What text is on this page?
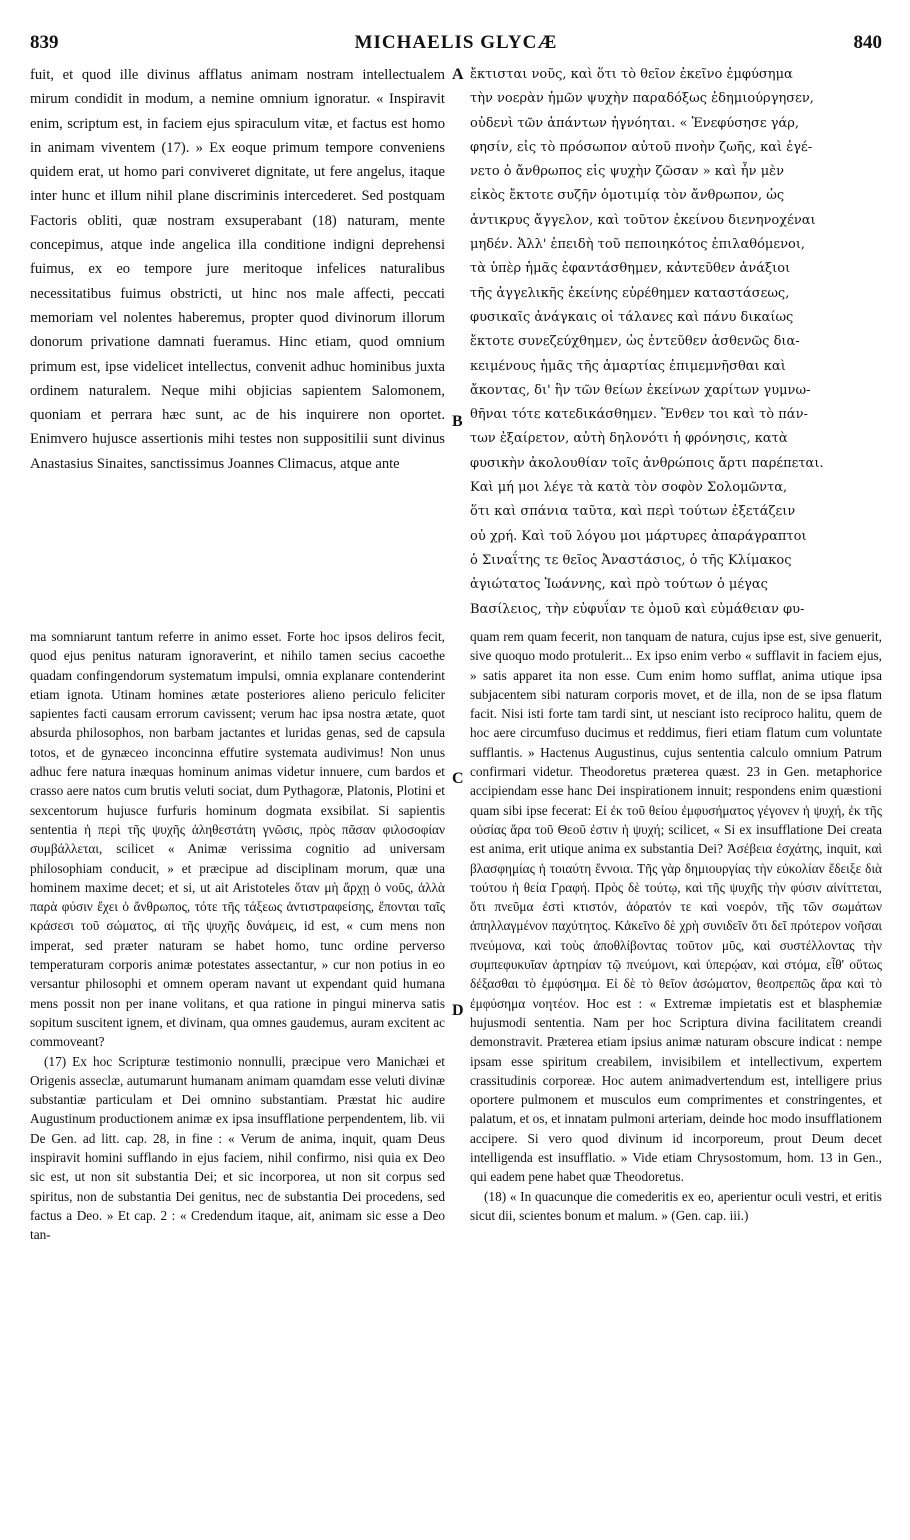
839	MICHAELIS GLYCÆ	840

fuit, et quod ille divinus afflatus animam nostram intellectualem mirum condidit in modum, a nemine omnium ignoratur. « Inspiravit enim, scriptum est, in faciem ejus spiraculum vitæ, et factus est homo in animam viventem (17). » Ex eoque primum tempore conveniens quidem erat, ut homo pari conviveret dignitate, ut fere angelus, itaque inter hunc et illum nihil plane discriminis intercederet. Sed postquam Factoris obliti, quæ nostram exsuperabant (18) naturam, mente concepimus, atque inde angelica illa conditione indigni deprehensi fuimus, ex eo tempore jure meritoque infelices naturalibus necessitatibus fuimus obstricti, ut hinc nos male affecti, peccati memoriam vel nolentes haberemus, propter quod divinorum illorum donorum privatione damnati fueramus. Hinc etiam, quod omnium primum est, ipse videlicet intellectus, convenit adhuc hominibus juxta ordinem naturalem. Neque mihi objicias sapientem Salomonem, quoniam et perrara hæc sunt, ac de his inquirere non oportet. Enimvero hujusce assertionis mihi testes non suppositilii sunt divinus Anastasius Sinaites, sanctissimus Joannes Climacus, atque ante

A
B
C
D

ἔκτισται νοῦς, καὶ ὅτι τὸ θεῖον ἐκεῖνο ἐμφύσημα

τὴν νοερὰν ἡμῶν ψυχὴν παραδόξως ἐδημιούργησεν,

οὐδενὶ τῶν ἁπάντων ἠγνόηται. « Ἐνεφύσησε γάρ,

φησίν, εἰς τὸ πρόσωπον αὐτοῦ πνοὴν ζωῆς, καὶ ἐγέ-

νετο ὁ ἄνθρωπος εἰς ψυχὴν ζῶσαν » καὶ ἦν μὲν

εἰκὸς ἔκτοτε συζῆν ὁμοτιμίᾳ τὸν ἄνθρωπον, ὡς

ἀντικρυς ἄγγελον, καὶ τοῦτον ἐκείνου διενηνοχέναι

μηδέν. Ἀλλ' ἐπειδὴ τοῦ πεποιηκότος ἐπιλαθόμενοι,

τὰ ὑπὲρ ἡμᾶς ἐφαντάσθημεν, κἀντεῦθεν ἀνάξιοι

τῆς ἀγγελικῆς ἐκείνης εὑρέθημεν καταστάσεως,

φυσικαῖς ἀνάγκαις οἱ τάλανες καὶ πάνυ δικαίως

ἔκτοτε συνεζεύχθημεν, ὡς ἐντεῦθεν ἀσθενῶς δια-

κειμένους ἡμᾶς τῆς ἁμαρτίας ἐπιμεμνῆσθαι καὶ

ἄκοντας, δι' ἣν τῶν θείων ἐκείνων χαρίτων γυμνω-

θῆναι τότε κατεδικάσθημεν. Ἔνθεν τοι καὶ τὸ πάν-

των ἐξαίρετον, αὐτὴ δηλονότι ἡ φρόνησις, κατὰ

φυσικὴν ἀκολουθίαν τοῖς ἀνθρώποις ἄρτι παρέπεται.

Καὶ μή μοι λέγε τὰ κατὰ τὸν σοφὸν Σολομῶντα,

ὅτι καὶ σπάνια ταῦτα, καὶ περὶ τούτων ἐξετάζειν

οὐ χρή. Καὶ τοῦ λόγου μοι μάρτυρες ἀπαράγραπτοι

ὁ Σιναΐτης τε θεῖος Ἀναστάσιος, ὁ τῆς Κλίμακος

ἁγιώτατος Ἰωάννης, καὶ πρὸ τούτων ὁ μέγας

Βασίλειος, τὴν εὐφυΐαν τε ὁμοῦ καὶ εὐμάθειαν φυ-

ma somniarunt tantum referre in animo esset. Forte hoc ipsos deliros fecit, quod ejus penitus naturam ignoraverint, et nihilo tamen secius cacoethe quadam confingendorum systematum impulsi, omnia explanare contenderint etiam ignota. Utinam homines ætate posteriores alieno periculo feliciter sapientes facti causam errorum cavissent; verum hac ipsa nostra ætate, quot absurda philosophos, non barbam jactantes et luridas genas, sed de capsula totos, et de gynæceo inconcinna effutire systemata audivimus! Non unus adhuc fere natura inæquas hominum animas videtur innuere, cum bardos et crasso aere natos cum brutis veluti sociat, dum Pythagoræ, Platonis, Plotini et sexcentorum hujusce furfuris hominum dogmata exsibilat. Si sapientis sententia ἡ περὶ τῆς ψυχῆς ἀληθεστάτη γνῶσις, πρὸς πᾶσαν φιλοσοφίαν συμβάλλεται, scilicet « Animæ verissima cognitio ad universam philosophiam conducit, » et præcipue ad disciplinam morum, quæ una hominem maxime decet; et si, ut ait Aristoteles ὅταν μὴ ἄρχῃ ὁ νοῦς, ἀλλὰ παρὰ φύσιν ἔχει ὁ ἄνθρωπος, τότε τῆς τάξεως ἀντιστραφείσης, ἕπονται ταῖς κράσεσι τοῦ σώματος, αἱ τῆς ψυχῆς δυνάμεις, id est, « cum mens non imperat, sed præter naturam se habet homo, tunc ordine perverso temperaturam corporis animæ potestates assectantur, » cur non potius in eo versantur philosophi et omnem operam navant ut expendant quid humana mens possit non per inane volitans, et qua ratione in pingui minerva satis sopitum suscitent ignem, et divinam, qua omnes gaudemus, auram excitent ac commoveant?

(17) Ex hoc Scripturæ testimonio nonnulli, præcipue vero Manichæi et Origenis asseclæ, autumarunt humanam animam quamdam esse veluti divinæ substantiæ particulam et Dei omnino substantiam. Præstat hic audire Augustinum productionem animæ ex ipsa insufflatione perpendentem, lib. vii De Gen. ad litt. cap. 28, in fine : « Verum de anima, inquit, quam Deus inspiravit homini sufflando in ejus faciem, nihil confirmo, nisi quia ex Deo sic est, ut non sit substantia Dei; et sic incorporea, ut non sit corpus sed spiritus, non de substantia Dei genitus, nec de substantia Dei procedens, sed factus a Deo. » Et cap. 2 : « Credendum itaque, ait, animam sic esse a Deo tan-

quam rem quam fecerit, non tanquam de natura, cujus ipse est, sive genuerit, sive quoquo modo protulerit... Ex ipso enim verbo « sufflavit in faciem ejus, » satis apparet ita non esse. Cum enim homo sufflat, anima utique ipsa subjacentem sibi naturam corporis movet, et de illa, non de se ipsa flatum facit. Nisi isti forte tam tardi sint, ut nesciant isto reciproco halitu, quem de hoc aere circumfuso ducimus et reddimus, fieri etiam flatum cum voluntate sufflantis. » Hactenus Augustinus, cujus sententia calculo omnium Patrum confirmari videtur. Theodoretus præterea quæst. 23 in Gen. metaphorice accipiendam esse hanc Dei inspirationem innuit; respondens enim quæstioni quam sibi ipse fecerat: Εἰ ἐκ τοῦ θείου ἐμφυσήματος γέγονεν ἡ ψυχή, ἐκ τῆς οὐσίας ἄρα τοῦ Θεοῦ ἐστιν ἡ ψυχή; scilicet, « Si ex insufflatione Dei creata est anima, erit utique anima ex substantia Dei? Ἀσέβεια ἐσχάτης, inquit, καὶ βλασφημίας ἡ τοιαύτη ἔννοια. Τῆς γὰρ δημιουργίας τὴν εὐκολίαν ἔδειξε διὰ τούτου ἡ θεία Γραφή. Πρὸς δὲ τούτῳ, καὶ τῆς ψυχῆς τὴν φύσιν αἰνίττεται, ὅτι πνεῦμα ἐστὶ κτιστόν, ἀόρατόν τε καὶ νοερόν, τῆς τῶν σωμάτων ἀπηλλαγμένον παχύτητος. Κἀκεῖνο δὲ χρὴ συνιδεῖν ὅτι δεῖ πρότερον νοῆσαι πνεύμονα, καὶ τοὺς ἀποθλίβοντας τοῦτον μῦς, καὶ συστέλλοντας τὴν συμπεφυκυῖαν ἀρτηρίαν τῷ πνεύμονι, καὶ ὑπερῴαν, καὶ στόμα, εἶθ' οὕτως δέξασθαι τὸ ἐμφύσημα. Εἰ δὲ τὸ θεῖον ἀσώματον, θεοπρεπῶς ἄρα καὶ τὸ ἐμφύσημα νοητέον. Hoc est : « Extremæ impietatis est et blasphemiæ hujusmodi sententia. Nam per hoc Scriptura divina facilitatem creandi demonstravit. Præterea etiam ipsius animæ naturam obscure indicat : nempe ipsam esse spiritum creabilem, invisibilem et intellectivum, expertem crassitudinis corporeæ. Hoc autem animadvertendum est, intelligere prius oportere pulmonem et musculos eum comprimentes et constringentes, et palatum, et os, et innatam pulmoni arteriam, deinde hoc modo insufflationem accipere. Si vero quod divinum id incorporeum, prout Deum decet intelligenda est insufflatio. » Vide etiam Chrysostomum, hom. 13 in Gen., qui eadem pene habet quæ Theodoretus.

(18) « In quacunque die comederitis ex eo, aperientur oculi vestri, et eritis sicut dii, scientes bonum et malum. » (Gen. cap. iii.)
